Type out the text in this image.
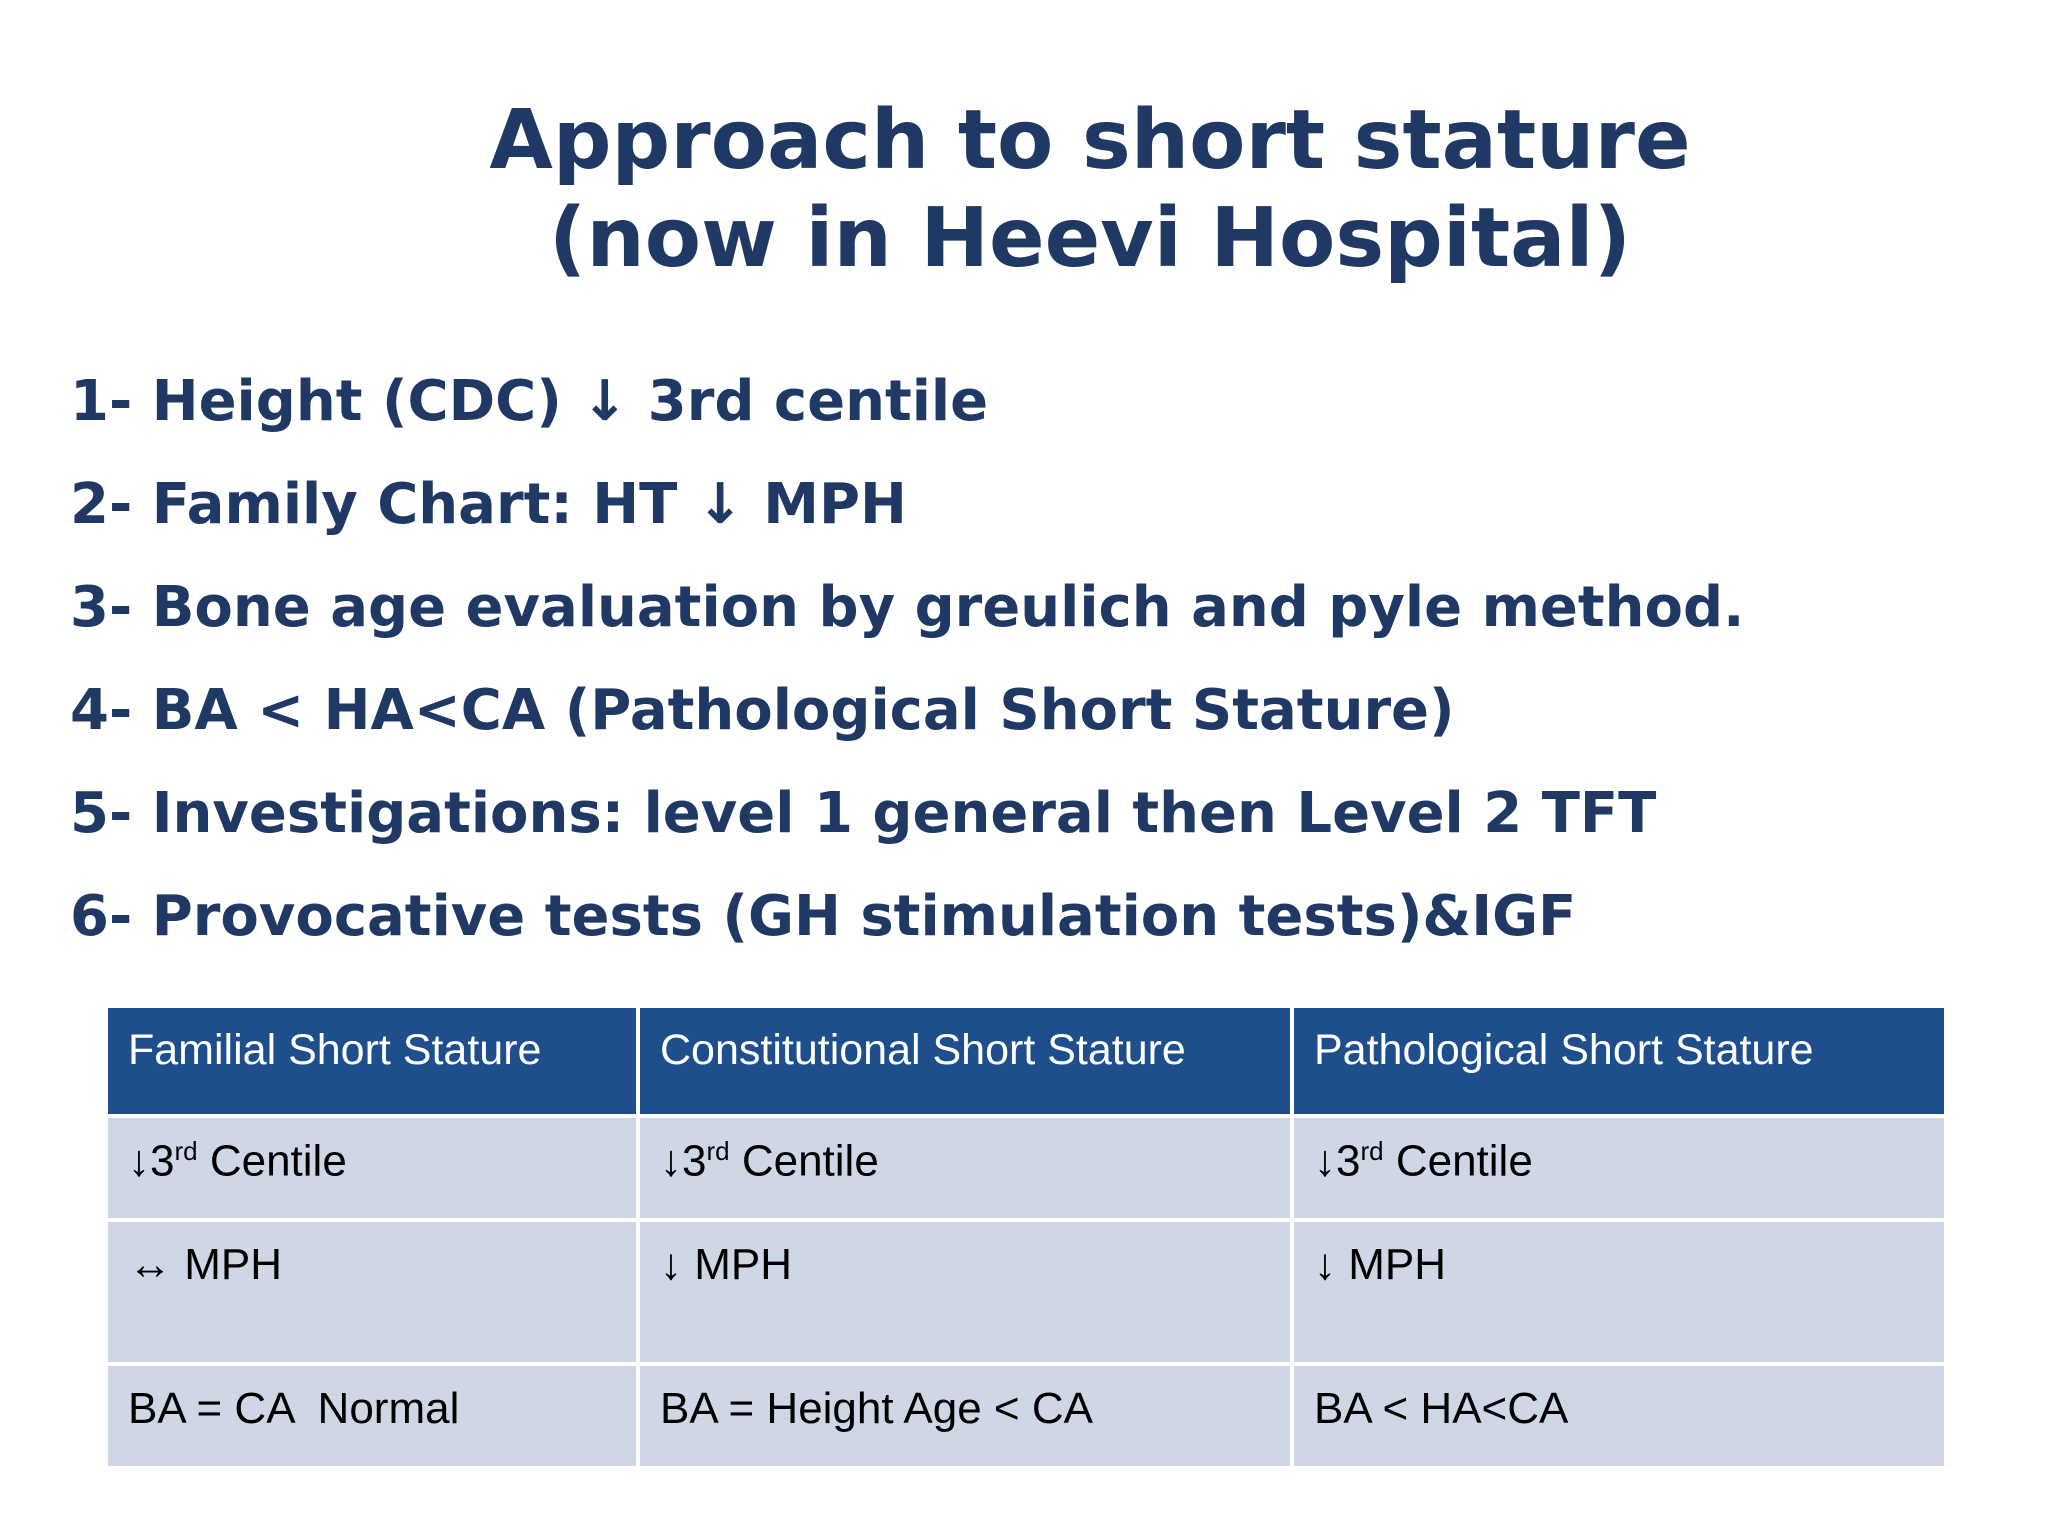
Approach to short stature
(now in Heevi Hospital)
1- Height (CDC) ↓ 3rd centile
2- Family Chart: HT ↓ MPH
3- Bone age evaluation by greulich and pyle method.
4- BA < HA<CA (Pathological Short Stature)
5- Investigations: level 1 general then Level 2 TFT
6- Provocative tests (GH stimulation tests)&IGF
Familial Short Stature	Constitutional Short Stature	Pathological Short Stature
↓3rd Centile	↓3rd Centile	↓3rd Centile
↔ MPH	↓ MPH	↓ MPH
BA = CA  Normal	BA = Height Age < CA	BA < HA<CA
